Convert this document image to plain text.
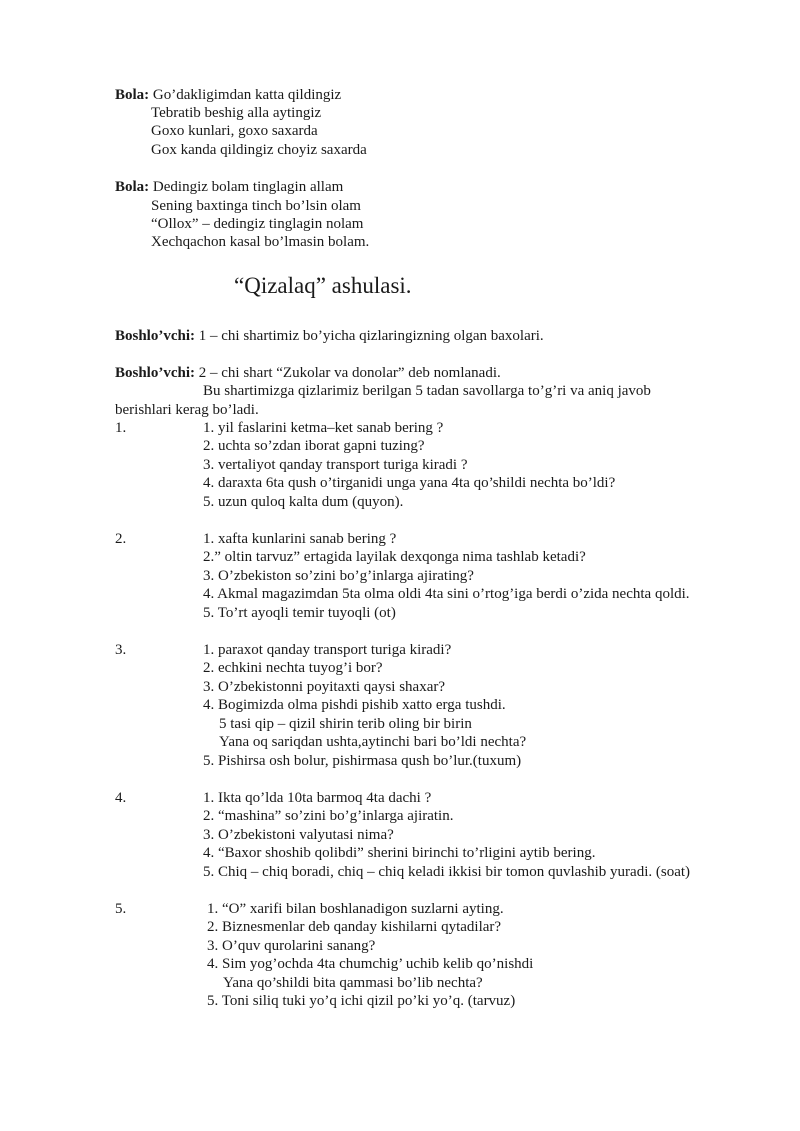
Bola: Go’dakligimdan katta qildingiz
Tebratib beshig alla aytingiz
Goxo kunlari, goxo saxarda
Gox kanda qildingiz choyiz saxarda
Bola: Dedingiz bolam tinglagin allam
Sening baxtinga tinch bo’lsin olam
“Ollox” – dedingiz tinglagin nolam
Xechqachon kasal bo’lmasin bolam.
“Qizalaq” ashulasi.
Boshlo’vchi: 1 – chi shartimiz bo’yicha qizlaringizning olgan baxolari.
Boshlo’vchi: 2 – chi shart “Zukolar va donolar” deb nomlanadi.
Bu shartimizga qizlarimiz berilgan 5 tadan savollarga to’g’ri va aniq javob
berishlari kerag bo’ladi.
1.	1. yil faslarini ketma–ket sanab bering ?
2. uchta so’zdan iborat gapni tuzing?
3. vertaliyot qanday transport turiga kiradi ?
4. daraxta 6ta qush o’tirganidi unga yana 4ta qo’shildi nechta bo’ldi?
5. uzun quloq kalta dum (quyon).
2.	1. xafta kunlarini sanab bering ?
2.” oltin tarvuz” ertagida layilak dexqonga nima tashlab ketadi?
3. O’zbekiston so’zini bo’g’inlarga ajirating?
4. Akmal magazimdan 5ta olma oldi 4ta sini o’rtog’iga berdi o’zida nechta qoldi.
5. To’rt ayoqli temir tuyoqli (ot)
3.	1. paraxot qanday transport turiga kiradi?
2. echkini nechta tuyog’i bor?
3. O’zbekistonni poyitaxti qaysi shaxar?
4. Bogimizda olma pishdi pishib xatto erga tushdi.
5 tasi qip – qizil shirin terib oling bir birin
Yana oq sariqdan ushta,aytinchi bari bo’ldi nechta?
5. Pishirsa osh bolur, pishirmasa qush bo’lur.(tuxum)
4.	1. Ikta qo’lda 10ta barmoq 4ta dachi ?
2. “mashina” so’zini bo’g’inlarga ajiratin.
3. O’zbekistoni valyutasi nima?
4. “Baxor shoshib qolibdi” sherini birinchi to’rligini aytib bering.
5. Chiq – chiq boradi, chiq – chiq keladi ikkisi bir tomon quvlashib yuradi. (soat)
5.	1. “O” xarifi bilan boshlanadigon suzlarni ayting.
2. Biznesmenlar deb qanday kishilarni qytadilar?
3. O’quv qurolarini sanang?
4. Sim yog’ochda 4ta chumchig’ uchib kelib qo’nishdi
Yana qo’shildi bita qammasi bo’lib nechta?
5. Toni siliq tuki yo’q ichi qizil po’ki yo’q. (tarvuz)
